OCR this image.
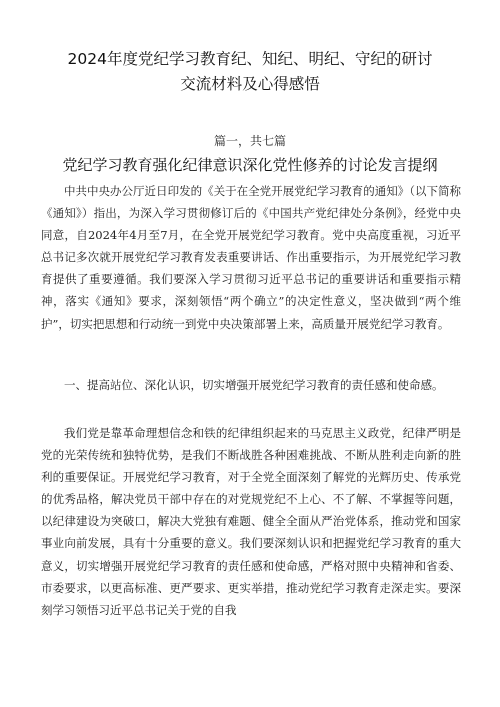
2024年度党纪学习教育纪、知纪、明纪、守纪的研讨
交流材料及心得感悟
篇一，共七篇
党纪学习教育强化纪律意识深化党性修养的讨论发言提纲

中共中央办公厅近日印发的《关于在全党开展党纪学习教育的通知》（以下简称《通知》）指出，为深入学习贯彻修订后的《中国共产党纪律处分条例》，经党中央同意，自2024年4月至7月，在全党开展党纪学习教育。党中央高度重视，习近平总书记多次就开展党纪学习教育发表重要讲话、作出重要指示，为开展党纪学习教育提供了重要遵循。我们要深入学习贯彻习近平总书记的重要讲话和重要指示精神，落实《通知》要求，深刻领悟“两个确立”的决定性意义，坚决做到“两个维护”，切实把思想和行动统一到党中央决策部署上来，高质量开展党纪学习教育。

一、提高站位、深化认识，切实增强开展党纪学习教育的责任感和使命感。

我们党是靠革命理想信念和铁的纪律组织起来的马克思主义政党，纪律严明是党的光荣传统和独特优势，是我们不断战胜各种困难挑战、不断从胜利走向新的胜利的重要保证。开展党纪学习教育，对于全党全面深刻了解党的光辉历史、传承党的优秀品格，解决党员干部中存在的对党规党纪不上心、不了解、不掌握等问题，以纪律建设为突破口，解决大党独有难题、健全全面从严治党体系，推动党和国家事业向前发展，具有十分重要的意义。我们要深刻认识和把握党纪学习教育的重大意义，切实增强开展党纪学习教育的责任感和使命感，严格对照中央精神和省委、市委要求，以更高标准、更严要求、更实举措，推动党纪学习教育走深走实。要深刻学习领悟习近平总书记关于党的自我
